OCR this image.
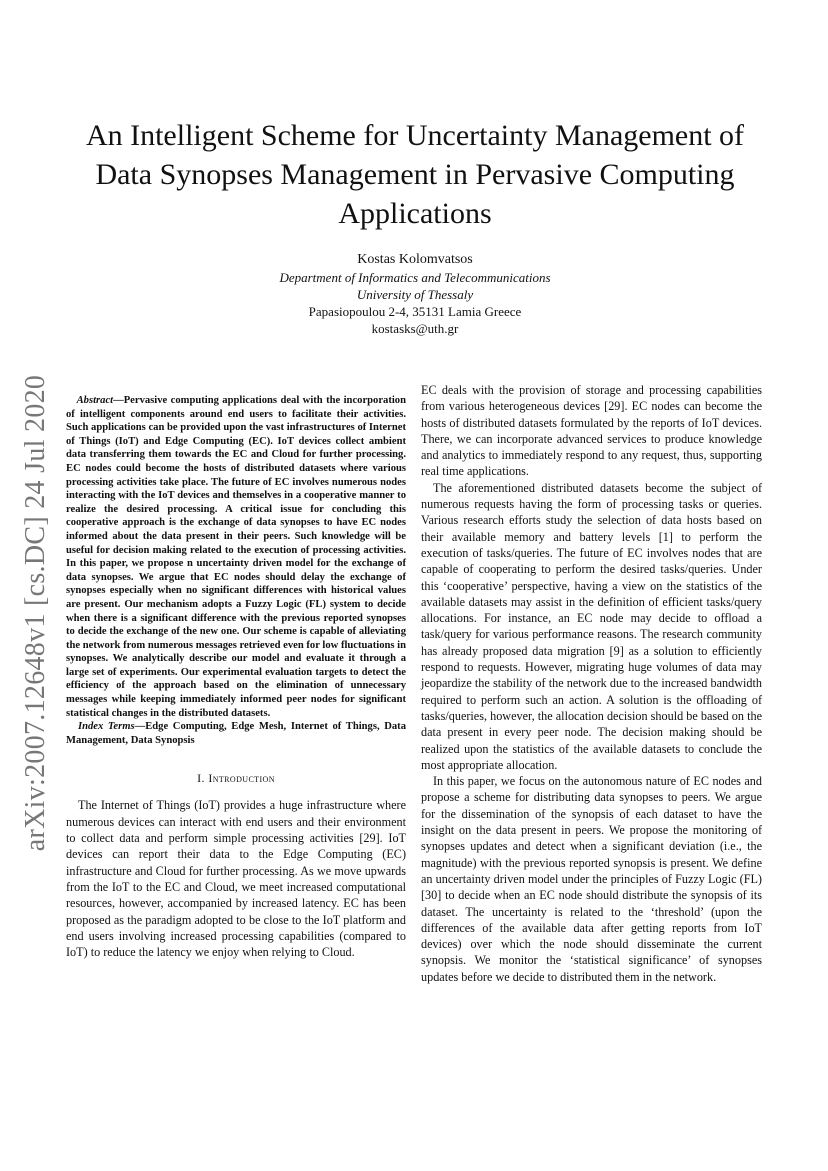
arXiv:2007.12648v1 [cs.DC] 24 Jul 2020
An Intelligent Scheme for Uncertainty Management of Data Synopses Management in Pervasive Computing Applications
Kostas Kolomvatsos
Department of Informatics and Telecommunications
University of Thessaly
Papasiopoulou 2-4, 35131 Lamia Greece
kostasks@uth.gr

 Abstract—Pervasive computing applications deal with the incorporation of intelligent components around end users to facilitate their activities. Such applications can be provided upon the vast infrastructures of Internet of Things (IoT) and Edge Computing (EC). IoT devices collect ambient data transferring them towards the EC and Cloud for further processing. EC nodes could become the hosts of distributed datasets where various processing activities take place. The future of EC involves numerous nodes interacting with the IoT devices and themselves in a cooperative manner to realize the desired processing. A critical issue for concluding this cooperative approach is the exchange of data synopses to have EC nodes informed about the data present in their peers. Such knowledge will be useful for decision making related to the execution of processing activities. In this paper, we propose n uncertainty driven model for the exchange of data synopses. We argue that EC nodes should delay the exchange of synopses especially when no significant differences with historical values are present. Our mechanism adopts a Fuzzy Logic (FL) system to decide when there is a significant difference with the previous reported synopses to decide the exchange of the new one. Our scheme is capable of alleviating the network from numerous messages retrieved even for low fluctuations in synopses. We analytically describe our model and evaluate it through a large set of experiments. Our experimental evaluation targets to detect the efficiency of the approach based on the elimination of unnecessary messages while keeping immediately informed peer nodes for significant statistical changes in the distributed datasets.

Index Terms—Edge Computing, Edge Mesh, Internet of Things, Data Management, Data Synopsis

I. Introduction

The Internet of Things (IoT) provides a huge infrastructure where numerous devices can interact with end users and their environment to collect data and perform simple processing activities [29]. IoT devices can report their data to the Edge Computing (EC) infrastructure and Cloud for further processing. As we move upwards from the IoT to the EC and Cloud, we meet increased computational resources, however, accompanied by increased latency. EC has been proposed as the paradigm adopted to be close to the IoT platform and end users involving increased processing capabilities (compared to IoT) to reduce the latency we enjoy when relying to Cloud.

EC deals with the provision of storage and processing capabilities from various heterogeneous devices [29]. EC nodes can become the hosts of distributed datasets formulated by the reports of IoT devices. There, we can incorporate advanced services to produce knowledge and analytics to immediately respond to any request, thus, supporting real time applications.

The aforementioned distributed datasets become the subject of numerous requests having the form of processing tasks or queries. Various research efforts study the selection of data hosts based on their available memory and battery levels [1] to perform the execution of tasks/queries. The future of EC involves nodes that are capable of cooperating to perform the desired tasks/queries. Under this ‘cooperative’ perspective, having a view on the statistics of the available datasets may assist in the definition of efficient tasks/query allocations. For instance, an EC node may decide to offload a task/query for various performance reasons. The research community has already proposed data migration [9] as a solution to efficiently respond to requests. However, migrating huge volumes of data may jeopardize the stability of the network due to the increased bandwidth required to perform such an action. A solution is the offloading of tasks/queries, however, the allocation decision should be based on the data present in every peer node. The decision making should be realized upon the statistics of the available datasets to conclude the most appropriate allocation.

In this paper, we focus on the autonomous nature of EC nodes and propose a scheme for distributing data synopses to peers. We argue for the dissemination of the synopsis of each dataset to have the insight on the data present in peers. We propose the monitoring of synopses updates and detect when a significant deviation (i.e., the magnitude) with the previous reported synopsis is present. We define an uncertainty driven model under the principles of Fuzzy Logic (FL) [30] to decide when an EC node should distribute the synopsis of its dataset. The uncertainty is related to the ‘threshold’ (upon the differences of the available data after getting reports from IoT devices) over which the node should disseminate the current synopsis. We monitor the ‘statistical significance’ of synopses updates before we decide to distributed them in the network.
